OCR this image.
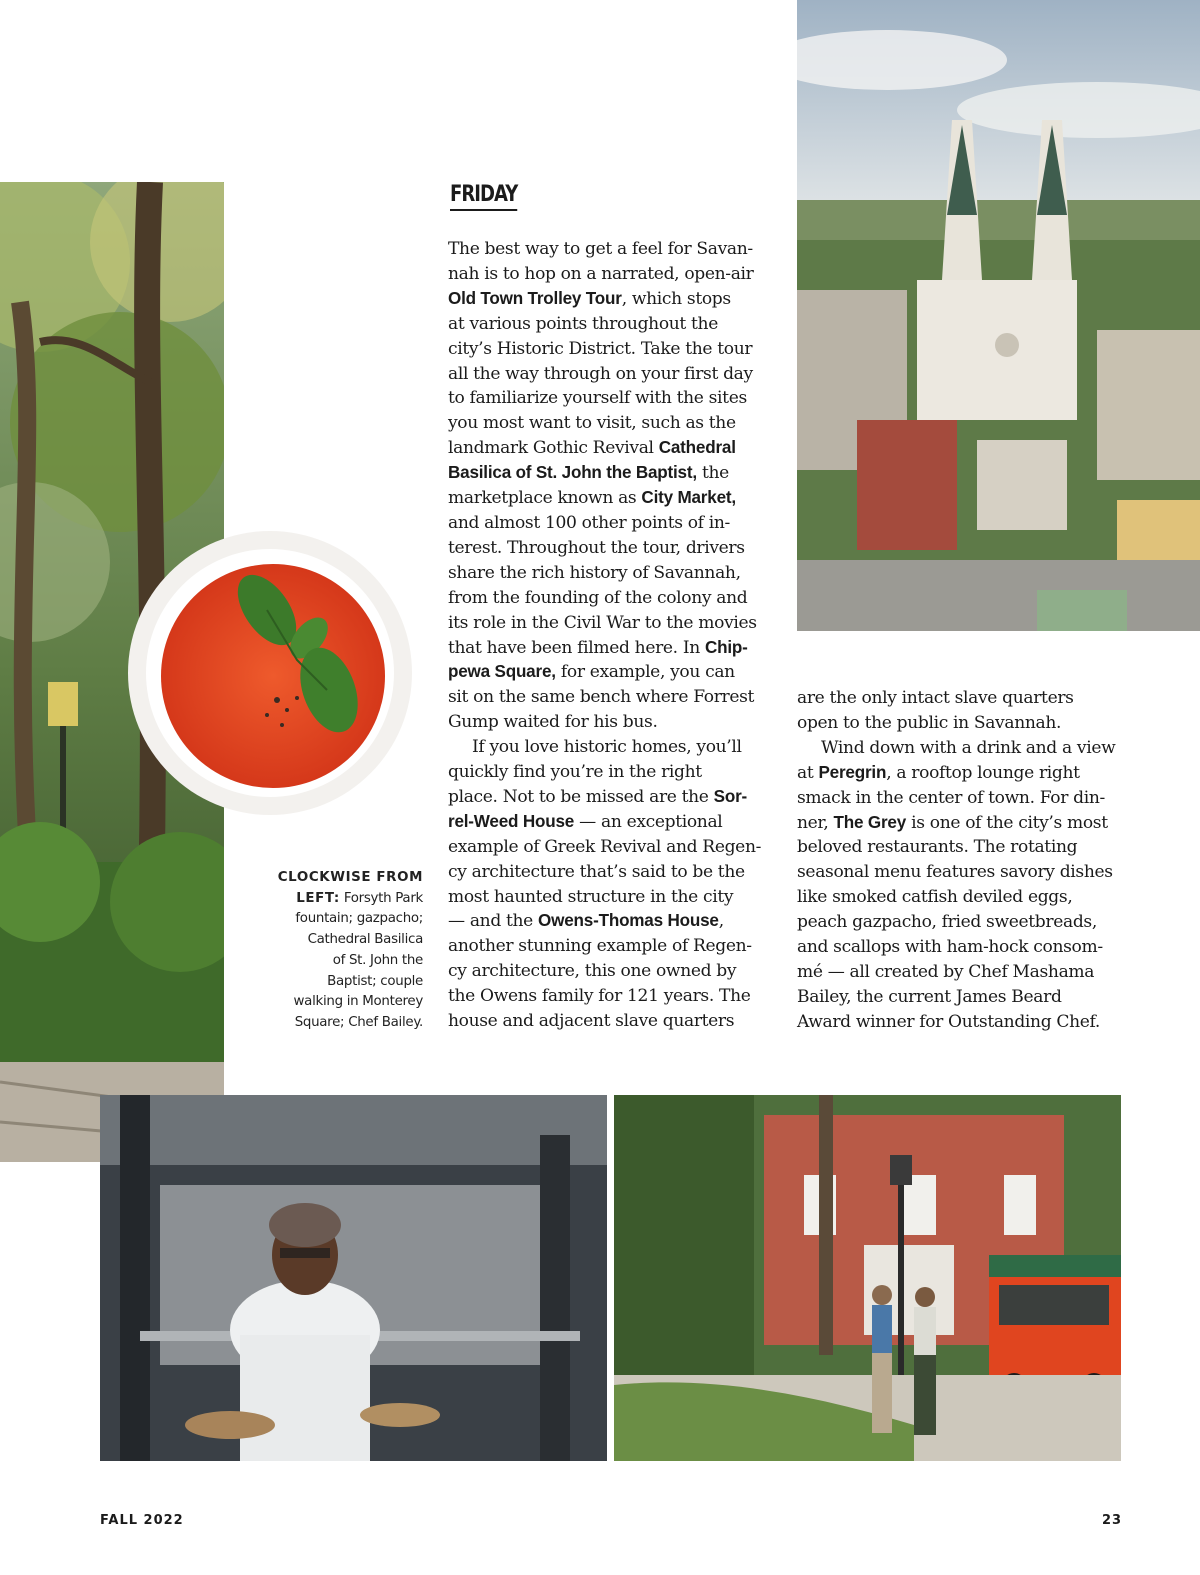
FRIDAY

The best way to get a feel for Savan-
nah is to hop on a narrated, open-air
Old Town Trolley Tour, which stops
at various points throughout the
city’s Historic District. Take the tour
all the way through on your first day
to familiarize yourself with the sites
you most want to visit, such as the
landmark Gothic Revival Cathedral
Basilica of St. John the Baptist, the
marketplace known as City Market,
and almost 100 other points of in-
terest. Throughout the tour, drivers
share the rich history of Savannah,
from the founding of the colony and
its role in the Civil War to the movies
that have been filmed here. In Chip-
pewa Square, for example, you can
sit on the same bench where Forrest
Gump waited for his bus.
If you love historic homes, you’ll
quickly find you’re in the right
place. Not to be missed are the Sor-
rel-Weed House — an exceptional
example of Greek Revival and Regen-
cy architecture that’s said to be the
most haunted structure in the city
— and the Owens-Thomas House,
another stunning example of Regen-
cy architecture, this one owned by
the Owens family for 121 years. The
house and adjacent slave quarters

are the only intact slave quarters
open to the public in Savannah.
Wind down with a drink and a view
at Peregrin, a rooftop lounge right
smack in the center of town. For din-
ner, The Grey is one of the city’s most
beloved restaurants. The rotating
seasonal menu features savory dishes
like smoked catfish deviled eggs,
peach gazpacho, fried sweetbreads,
and scallops with ham-hock consom-
mé — all created by Chef Mashama
Bailey, the current James Beard
Award winner for Outstanding Chef.

CLOCKWISE FROM
LEFT: Forsyth Park
fountain; gazpacho;
Cathedral Basilica
of St. John the
Baptist; couple
walking in Monterey
Square; Chef Bailey.
FALL 2022	23
